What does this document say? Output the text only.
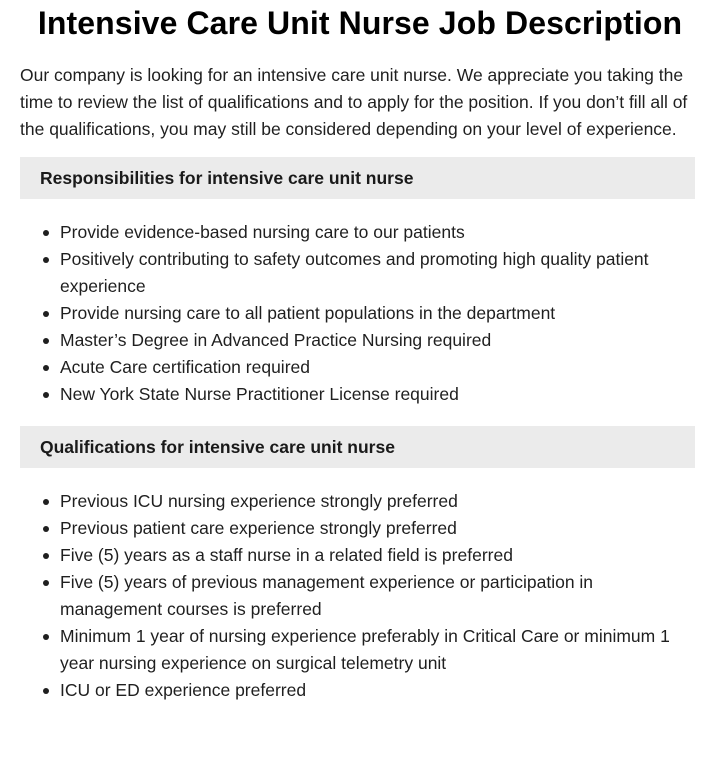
Intensive Care Unit Nurse Job Description

Our company is looking for an intensive care unit nurse. We appreciate you taking the time to review the list of qualifications and to apply for the position. If you don’t fill all of the qualifications, you may still be considered depending on your level of experience.

Responsibilities for intensive care unit nurse
Provide evidence-based nursing care to our patients
Positively contributing to safety outcomes and promoting high quality patient experience
Provide nursing care to all patient populations in the department
Master’s Degree in Advanced Practice Nursing required
Acute Care certification required
New York State Nurse Practitioner License required
Qualifications for intensive care unit nurse
Previous ICU nursing experience strongly preferred
Previous patient care experience strongly preferred
Five (5) years as a staff nurse in a related field is preferred
Five (5) years of previous management experience or participation in management courses is preferred
Minimum 1 year of nursing experience preferably in Critical Care or minimum 1 year nursing experience on surgical telemetry unit
ICU or ED experience preferred
